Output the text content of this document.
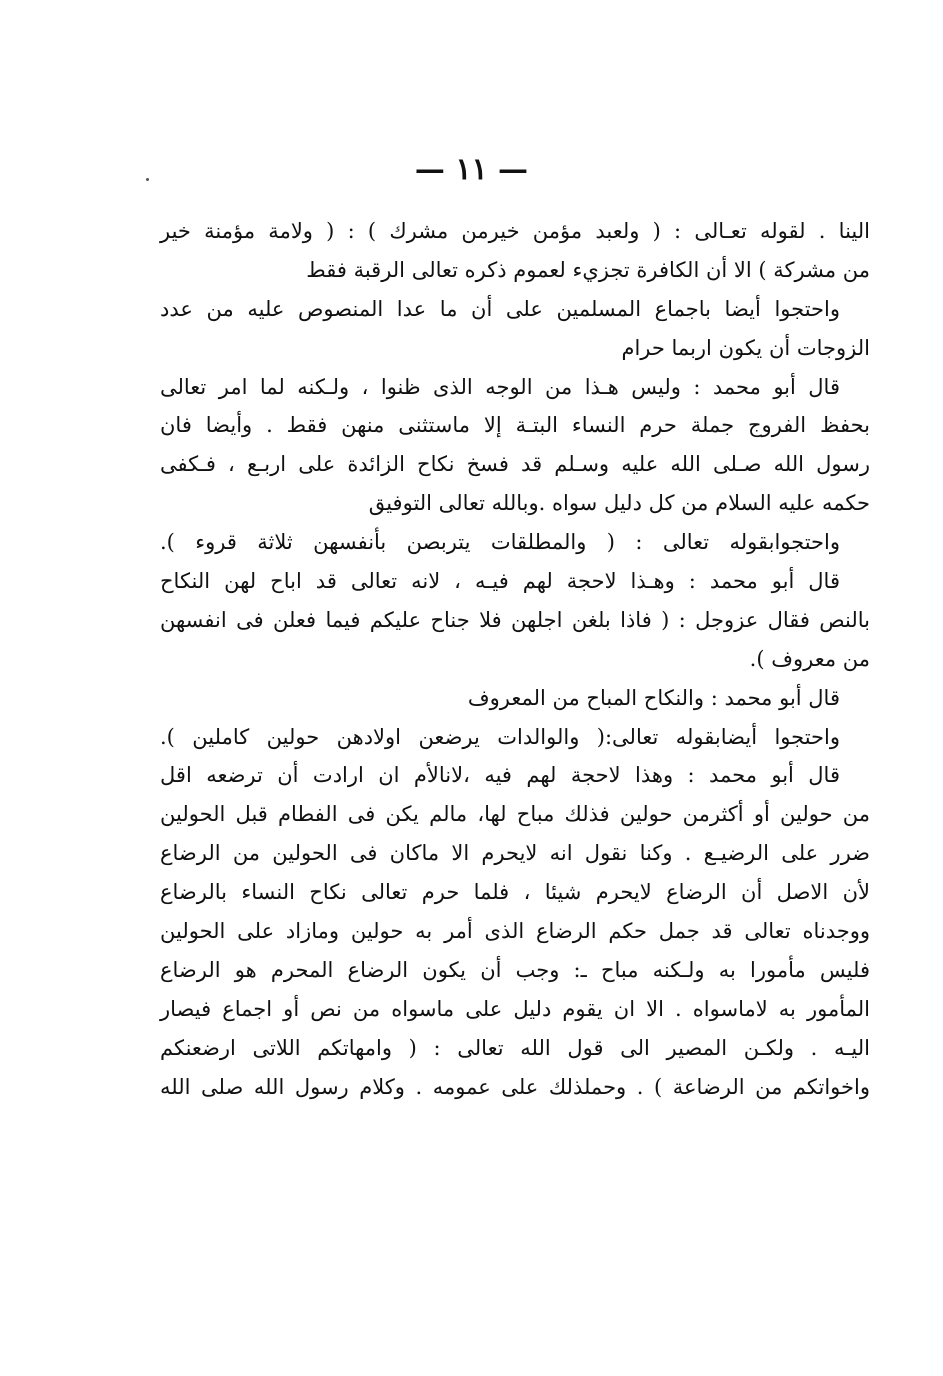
— ١١ —
الينا . لقوله تعـالى : ( ولعبد مؤمن خيرمن مشرك ) : ( ولامة مؤمنة خير
من مشركة ) الا أن الكافرة تجزيء لعموم ذكره تعالى الرقبة فقط
واحتجوا أيضا باجماع المسلمين على أن ما عدا المنصوص عليه من عدد
الزوجات أن يكون اربما حرام
قال أبو محمد : وليس هـذا من الوجه الذى ظنوا ، ولـكنه لما امر تعالى
بحفظ الفروج جملة حرم النساء البتـة إلا ماستثنى منهن فقط . وأيضا فان
رسول الله صـلى الله عليه وسـلم قد فسخ نكاح الزائدة على اربـع ، فـكفى
حكمه عليه السلام من كل دليل سواه .وبالله تعالى التوفيق
واحتجوابقوله تعالى : ( والمطلقات يتربصن بأنفسهن ثلاثة قروء ).
قال أبو محمد : وهـذا لاحجة لهم فيـه ، لانه تعالى قد اباح لهن النكاح
بالنص فقال عزوجل : ( فاذا بلغن اجلهن فلا جناح عليكم فيما فعلن فى انفسهن
من معروف ).
قال أبو محمد : والنكاح المباح من المعروف
واحتجوا أيضابقوله تعالى:( والوالدات يرضعن اولادهن حولين كاملين ).
قال أبو محمد : وهذا لاحجة لهم فيه ،لانالأم ان ارادت أن ترضعه اقل
من حولين أو أكثرمن حولين فذلك مباح لها، مالم يكن فى الفطام قبل الحولين
ضرر على الرضيـع . وكنا نقول انه لايحرم الا ماكان فى الحولين من الرضاع
لأن الاصل أن الرضاع لايحرم شيئا ، فلما حرم تعالى نكاح النساء بالرضاع
ووجدناه تعالى قد جمل حكم الرضاع الذى أمر به حولين ومازاد على الحولين
فليس مأمورا به ولـكنه مباح ـ: وجب أن يكون الرضاع المحرم هو الرضاع
المأمور به لاماسواه . الا ان يقوم دليل على ماسواه من نص أو اجماع فيصار
اليـه . ولكـن المصير الى قول الله تعالى : ( وامهاتكم اللاتى ارضعنكم
واخواتكم من الرضاعة ) . وحملذلك على عمومه . وكلام رسول الله صلى الله
